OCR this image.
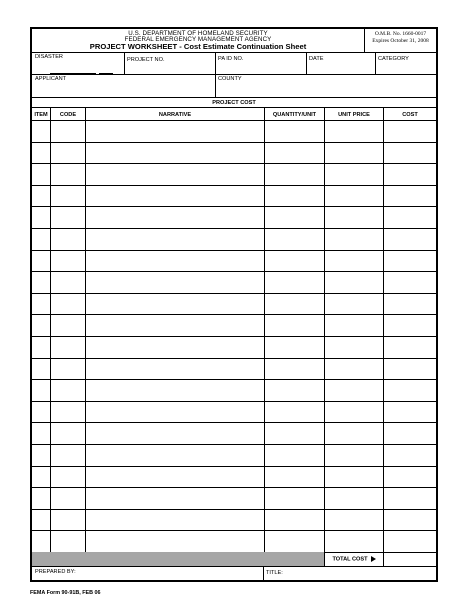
U.S. DEPARTMENT OF HOMELAND SECURITY
FEDERAL EMERGENCY MANAGEMENT AGENCY
PROJECT WORKSHEET - Cost Estimate Continuation Sheet
O.M.B. No. 1660-0017
Expires October 31, 2008
DISASTER	PROJECT NO.	PA ID NO.	DATE	CATEGORY
APPLICANT	COUNTY
PROJECT COST
ITEM	CODE	NARRATIVE	QUANTITY/UNIT	UNIT PRICE	COST
TOTAL COST
PREPARED BY:	TITLE:
FEMA Form 90-91B, FEB 06
